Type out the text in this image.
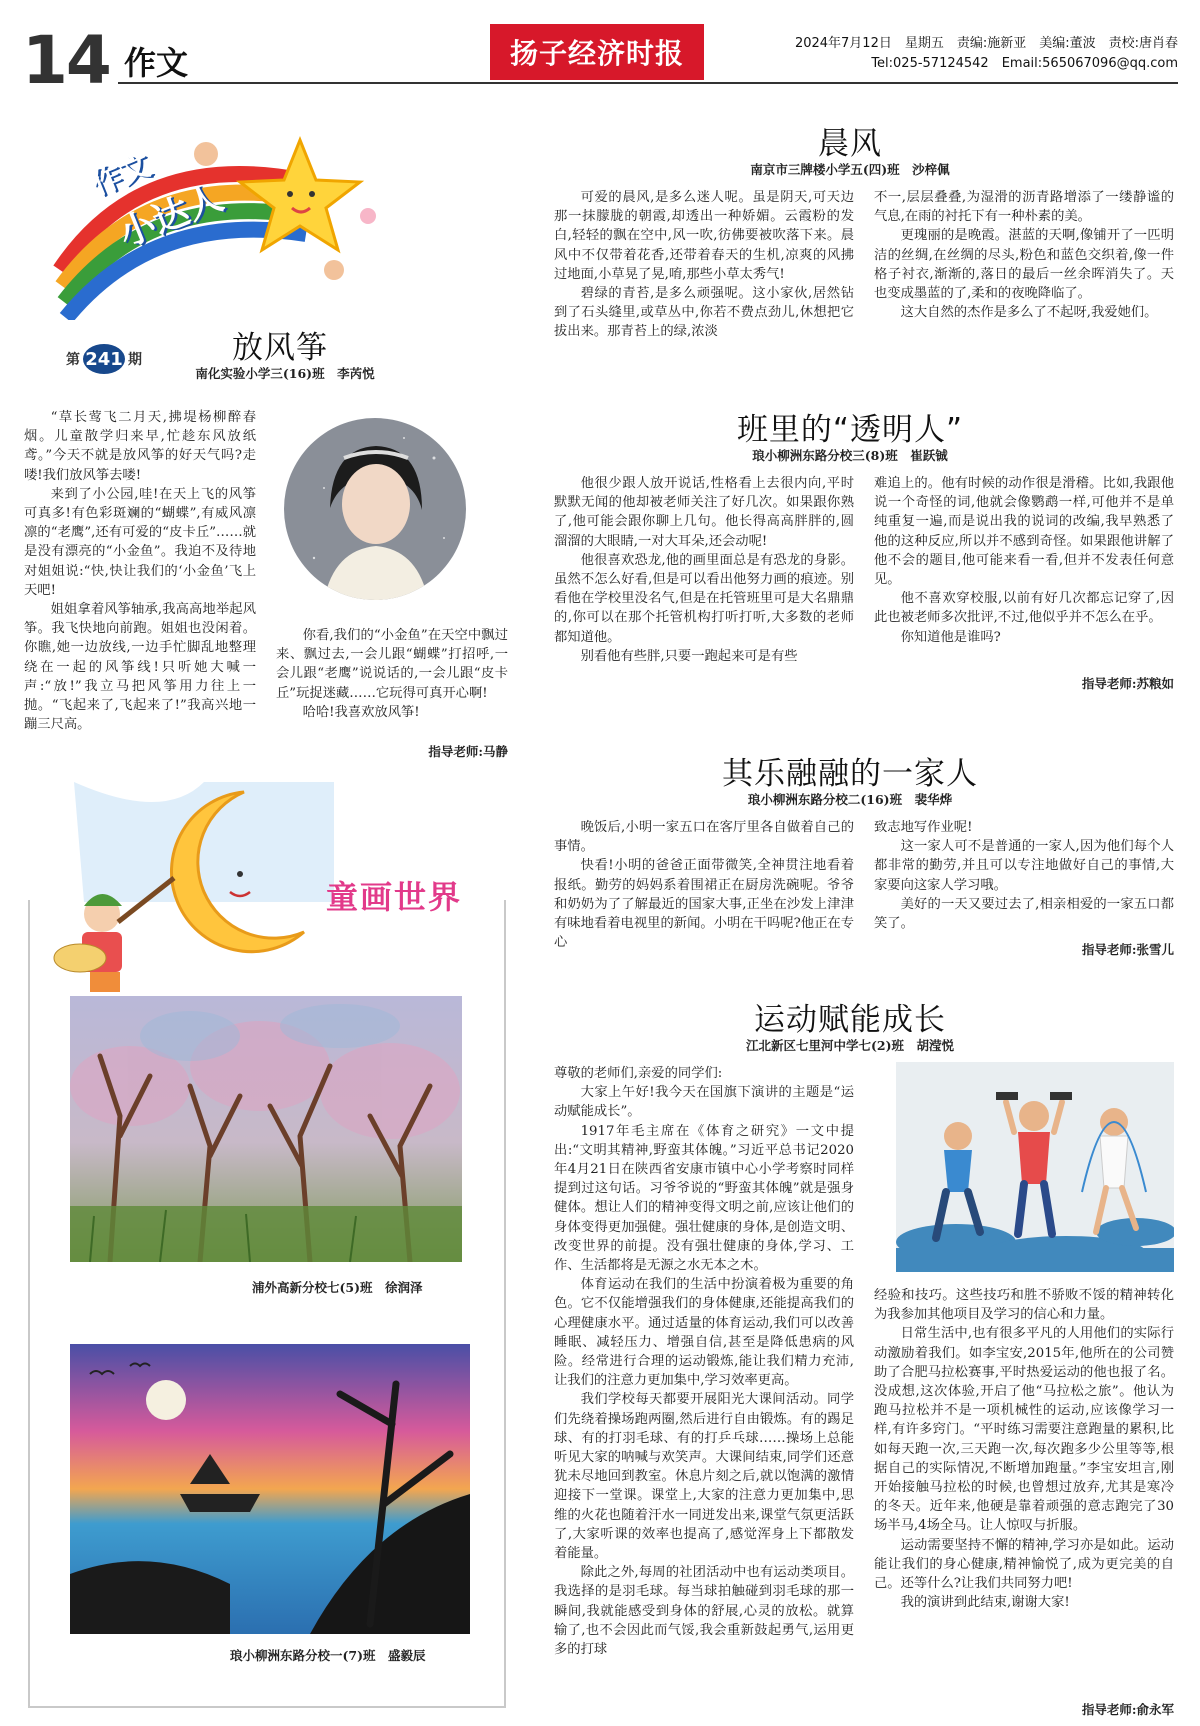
14 作文	扬子经济时报	2024年7月12日　星期五　责编:施新亚　美编:董波　责校:唐肖春
Tel:025-57124542　Email:565067096@qq.com
作文
小达人
第 241 期	放风筝
南化实验小学三(16)班　李芮悦

“草长莺飞二月天,拂堤杨柳醉春烟。儿童散学归来早,忙趁东风放纸鸢。”今天不就是放风筝的好天气吗?走喽!我们放风筝去喽!

来到了小公园,哇!在天上飞的风筝可真多!有色彩斑斓的“蝴蝶”,有威风凛凛的“老鹰”,还有可爱的“皮卡丘”……就是没有漂亮的“小金鱼”。我迫不及待地对姐姐说:“快,快让我们的‘小金鱼’飞上天吧!

姐姐拿着风筝轴承,我高高地举起风筝。我飞快地向前跑。姐姐也没闲着。你瞧,她一边放线,一边手忙脚乱地整理绕在一起的风筝线!只听她大喊一声:“放!”我立马把风筝用力往上一抛。“飞起来了,飞起来了!”我高兴地一蹦三尺高。

你看,我们的“小金鱼”在天空中飘过来、飘过去,一会儿跟“蝴蝶”打招呼,一会儿跟“老鹰”说说话的,一会儿跟“皮卡丘”玩捉迷藏……它玩得可真开心啊!

哈哈!我喜欢放风筝!

指导老师:马静
童画世界
浦外高新分校七(5)班　徐润泽
琅小柳洲东路分校一(7)班　盛毅辰
晨风
南京市三牌楼小学五(四)班　沙梓佩

可爱的晨风,是多么迷人呢。虽是阴天,可天边那一抹朦胧的朝霞,却透出一种娇媚。云霞粉的发白,轻轻的飘在空中,风一吹,彷佛要被吹落下来。晨风中不仅带着花香,还带着春天的生机,凉爽的风拂过地面,小草晃了晃,唷,那些小草太秀气!

碧绿的青苔,是多么顽强呢。这小家伙,居然钻到了石头缝里,或草丛中,你若不费点劲儿,休想把它拔出来。那青苔上的绿,浓淡

不一,层层叠叠,为湿滑的沥青路增添了一缕静谧的气息,在雨的衬托下有一种朴素的美。

更瑰丽的是晚霞。湛蓝的天啊,像铺开了一匹明洁的丝绸,在丝绸的尽头,粉色和蓝色交织着,像一件格子衬衣,渐渐的,落日的最后一丝余晖消失了。天也变成墨蓝的了,柔和的夜晚降临了。

这大自然的杰作是多么了不起呀,我爱她们。

班里的“透明人”
琅小柳洲东路分校三(8)班　崔跃铖

他很少跟人放开说话,性格看上去很内向,平时默默无闻的他却被老师关注了好几次。如果跟你熟了,他可能会跟你聊上几句。他长得高高胖胖的,圆溜溜的大眼睛,一对大耳朵,还会动呢!

他很喜欢恐龙,他的画里面总是有恐龙的身影。虽然不怎么好看,但是可以看出他努力画的痕迹。别看他在学校里没名气,但是在托管班里可是大名鼎鼎的,你可以在那个托管机构打听打听,大多数的老师都知道他。

别看他有些胖,只要一跑起来可是有些

难追上的。他有时候的动作很是滑稽。比如,我跟他说一个奇怪的词,他就会像鹦鹉一样,可他并不是单纯重复一遍,而是说出我的说词的改编,我早熟悉了他的这种反应,所以并不感到奇怪。如果跟他讲解了他不会的题目,他可能来看一看,但并不发表任何意见。

他不喜欢穿校服,以前有好几次都忘记穿了,因此也被老师多次批评,不过,他似乎并不怎么在乎。

你知道他是谁吗?

指导老师:苏粮如
其乐融融的一家人
琅小柳洲东路分校二(16)班　裴华烨

晚饭后,小明一家五口在客厅里各自做着自己的事情。

快看!小明的爸爸正面带微笑,全神贯注地看着报纸。勤劳的妈妈系着围裙正在厨房洗碗呢。爷爷和奶奶为了了解最近的国家大事,正坐在沙发上津津有味地看着电视里的新闻。小明在干吗呢?他正在专心

致志地写作业呢!

这一家人可不是普通的一家人,因为他们每个人都非常的勤劳,并且可以专注地做好自己的事情,大家要向这家人学习哦。

美好的一天又要过去了,相亲相爱的一家五口都笑了。

指导老师:张雪儿
运动赋能成长
江北新区七里河中学七(2)班　胡滢悦

尊敬的老师们,亲爱的同学们:

大家上午好!我今天在国旗下演讲的主题是“运动赋能成长”。

1917年毛主席在《体育之研究》一文中提出:“文明其精神,野蛮其体魄。”习近平总书记2020年4月21日在陕西省安康市镇中心小学考察时同样提到过这句话。习爷爷说的“野蛮其体魄”就是强身健体。想让人们的精神变得文明之前,应该让他们的身体变得更加强健。强壮健康的身体,是创造文明、改变世界的前提。没有强壮健康的身体,学习、工作、生活都将是无源之水无本之木。

体育运动在我们的生活中扮演着极为重要的角色。它不仅能增强我们的身体健康,还能提高我们的心理健康水平。通过适量的体育运动,我们可以改善睡眠、减轻压力、增强自信,甚至是降低患病的风险。经常进行合理的运动锻炼,能让我们精力充沛,让我们的注意力更加集中,学习效率更高。

我们学校每天都要开展阳光大课间活动。同学们先绕着操场跑两圈,然后进行自由锻炼。有的踢足球、有的打羽毛球、有的打乒乓球……操场上总能听见大家的呐喊与欢笑声。大课间结束,同学们还意犹未尽地回到教室。休息片刻之后,就以饱满的激情迎接下一堂课。课堂上,大家的注意力更加集中,思维的火花也随着汗水一同迸发出来,课堂气氛更活跃了,大家听课的效率也提高了,感觉浑身上下都散发着能量。

除此之外,每周的社团活动中也有运动类项目。我选择的是羽毛球。每当球拍触碰到羽毛球的那一瞬间,我就能感受到身体的舒展,心灵的放松。就算输了,也不会因此而气馁,我会重新鼓起勇气,运用更多的打球

经验和技巧。这些技巧和胜不骄败不馁的精神转化为我参加其他项目及学习的信心和力量。

日常生活中,也有很多平凡的人用他们的实际行动激励着我们。如李宝安,2015年,他所在的公司赞助了合肥马拉松赛事,平时热爱运动的他也报了名。没成想,这次体验,开启了他“马拉松之旅”。他认为跑马拉松并不是一项机械性的运动,应该像学习一样,有许多窍门。“平时练习需要注意跑量的累积,比如每天跑一次,三天跑一次,每次跑多少公里等等,根据自己的实际情况,不断增加跑量。”李宝安坦言,刚开始接触马拉松的时候,也曾想过放弃,尤其是寒冷的冬天。近年来,他硬是靠着顽强的意志跑完了30场半马,4场全马。让人惊叹与折服。

运动需要坚持不懈的精神,学习亦是如此。运动能让我们的身心健康,精神愉悦了,成为更完美的自己。还等什么?让我们共同努力吧!

我的演讲到此结束,谢谢大家!

指导老师:俞永军
